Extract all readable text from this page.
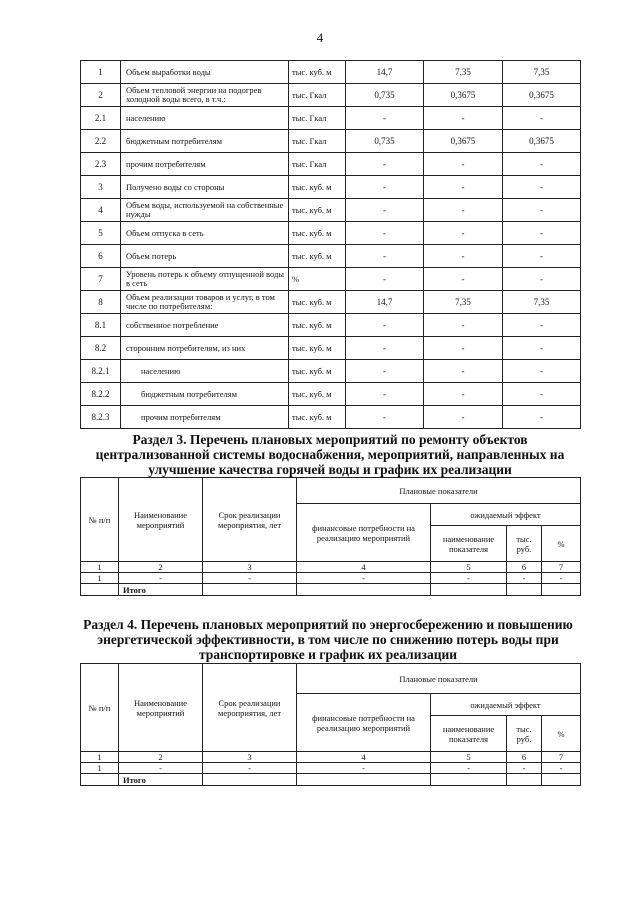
4
1	Объем выработки воды	тыс. куб. м	14,7	7,35	7,35
2	Объем тепловой энергии на подогрев холодной воды всего, в т.ч.:	тыс. Гкал	0,735	0,3675	0,3675
2.1	населению	тыс. Гкал	-	-	-
2.2	бюджетным потребителям	тыс. Гкал	0,735	0,3675	0,3675
2.3	прочим потребителям	тыс. Гкал	-	-	-
3	Получено воды со стороны	тыс. куб. м	-	-	-
4	Объем воды, используемой на собственные нужды	тыс. куб. м	-	-	-
5	Объем отпуска в сеть	тыс. куб. м	-	-	-
6	Объем потерь	тыс. куб. м	-	-	-
7	Уровень потерь к объему отпущенной воды в сеть	%	-	-	-
8	Объем реализации товаров и услуг, в том числе по потребителям:	тыс. куб. м	14,7	7,35	7,35
8.1	собственное потребление	тыс. куб. м	-	-	-
8.2	сторонним потребителям, из них	тыс. куб. м	-	-	-
8.2.1	населению	тыс. куб. м	-	-	-
8.2.2	бюджетным потребителям	тыс. куб. м	-	-	-
8.2.3	прочим потребителям	тыс. куб. м	-	-	-
Раздел 3. Перечень плановых мероприятий по ремонту объектов централизованной системы водоснабжения, мероприятий, направленных на улучшение качества горячей воды и график их реализации
№ п/п	Наименование мероприятий	Срок реализации мероприятия, лет	Плановые показатели			
			финансовые потребности на реализацию мероприятий	ожидаемый эффект		
				наименование показателя	тыс. руб.	%
1	2	3	4	5	6	7
1	-	-	-	-	-	-
	Итого					
Раздел 4. Перечень плановых мероприятий по энергосбережению и повышению энергетической эффективности, в том числе по снижению потерь воды при транспортировке и график их реализации
№ п/п	Наименование мероприятий	Срок реализации мероприятия, лет	Плановые показатели			
			финансовые потребности на реализацию мероприятий	ожидаемый эффект		
				наименование показателя	тыс. руб.	%
1	2	3	4	5	6	7
1	-	-	-	-	-	-
	Итого					
